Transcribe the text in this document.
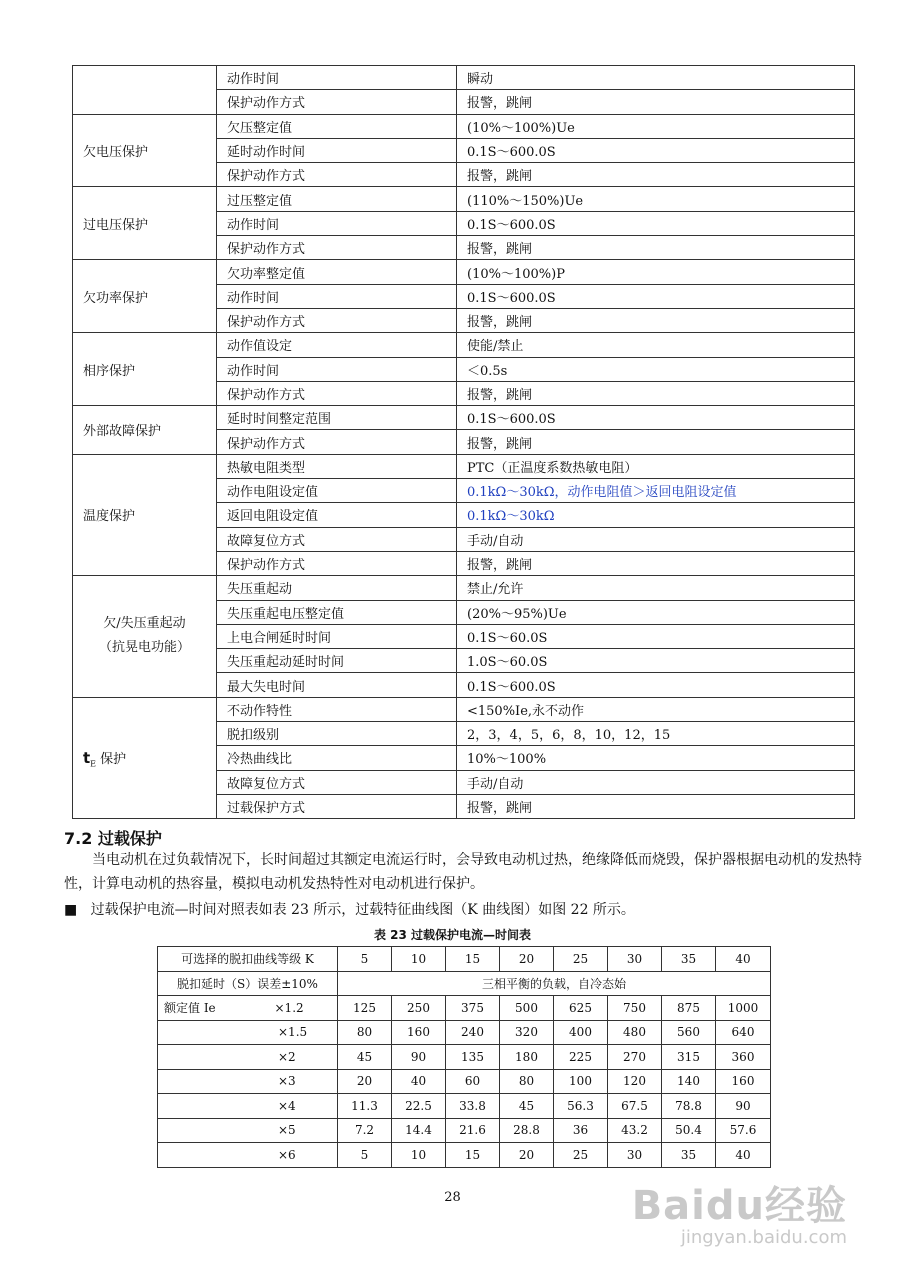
	动作时间	瞬动
	保护动作方式	报警，跳闸
欠电压保护	欠压整定值	(10%～100%)Ue
	延时动作时间	0.1S～600.0S
	保护动作方式	报警，跳闸
过电压保护	过压整定值	(110%～150%)Ue
	动作时间	0.1S～600.0S
	保护动作方式	报警，跳闸
欠功率保护	欠功率整定值	(10%～100%)P
	动作时间	0.1S～600.0S
	保护动作方式	报警，跳闸
相序保护	动作值设定	使能/禁止
	动作时间	＜0.5s
	保护动作方式	报警，跳闸
外部故障保护	延时时间整定范围	0.1S～600.0S
	保护动作方式	报警，跳闸
温度保护	热敏电阻类型	PTC（正温度系数热敏电阻）
	动作电阻设定值	0.1kΩ～30kΩ，动作电阻值＞返回电阻设定值
	返回电阻设定值	0.1kΩ～30kΩ
	故障复位方式	手动/自动
	保护动作方式	报警，跳闸

欠/失压重起动
（抗晃电功能）	失压重起动	禁止/允许
	失压重起电压整定值	(20%～95%)Ue
	上电合闸延时时间	0.1S～60.0S
	失压重起动延时时间	1.0S～60.0S
	最大失电时间	0.1S～600.0S
$t_E$ 保护	不动作特性	<150%Ie,永不动作
	脱扣级别	2，3，4，5，6，8，10，12，15
	冷热曲线比	10%～100%
	故障复位方式	手动/自动
	过载保护方式	报警，跳闸
7.2 过载保护

当电动机在过负载情况下，长时间超过其额定电流运行时，会导致电动机过热，绝缘降低而烧毁，保护器根据电动机的发热特性，计算电动机的热容量，模拟电动机发热特性对电动机进行保护。

■ 过载保护电流—时间对照表如表 23 所示，过载特征曲线图（K 曲线图）如图 22 所示。

表 23 过载保护电流—时间表
可选择的脱扣曲线等级 K		5	10	15	20	25	30	35	40
脱扣延时（S）误差±10%		三相平衡的负载，自冷态始							
额定值 Ie	×1.2	125	250	375	500	625	750	875	1000
×1.5		80	160	240	320	400	480	560	640
×2		45	90	135	180	225	270	315	360
×3		20	40	60	80	100	120	140	160
×4		11.3	22.5	33.8	45	56.3	67.5	78.8	90
×5		7.2	14.4	21.6	28.8	36	43.2	50.4	57.6
×6		5	10	15	20	25	30	35	40
28	Baidu经验
jingyan.baidu.com
